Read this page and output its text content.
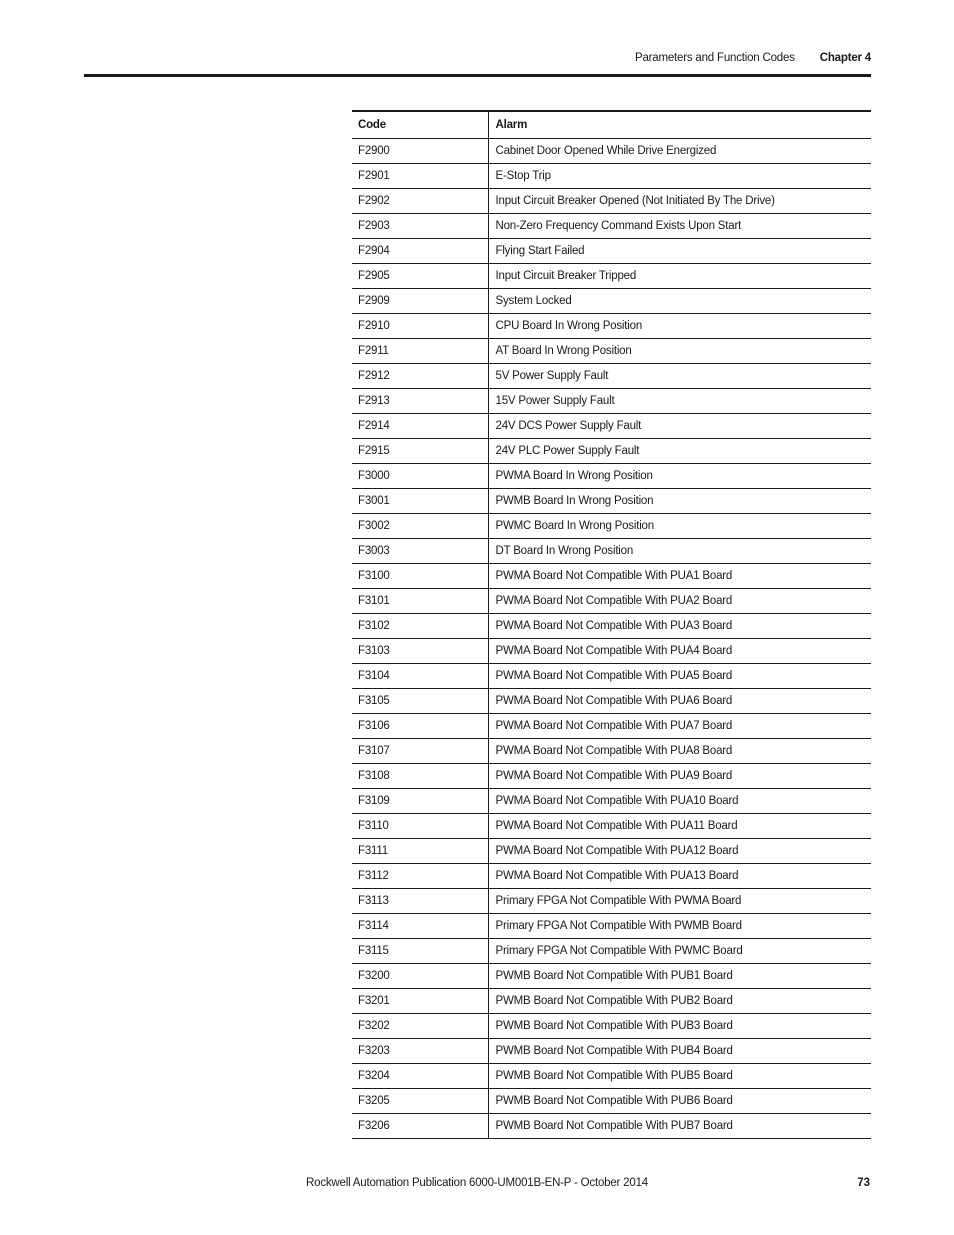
Parameters and Function Codes Chapter 4
Code	Alarm
F2900	Cabinet Door Opened While Drive Energized
F2901	E-Stop Trip
F2902	Input Circuit Breaker Opened (Not Initiated By The Drive)
F2903	Non-Zero Frequency Command Exists Upon Start
F2904	Flying Start Failed
F2905	Input Circuit Breaker Tripped
F2909	System Locked
F2910	CPU Board In Wrong Position
F2911	AT Board In Wrong Position
F2912	5V Power Supply Fault
F2913	15V Power Supply Fault
F2914	24V DCS Power Supply Fault
F2915	24V PLC Power Supply Fault
F3000	PWMA Board In Wrong Position
F3001	PWMB Board In Wrong Position
F3002	PWMC Board In Wrong Position
F3003	DT Board In Wrong Position
F3100	PWMA Board Not Compatible With PUA1 Board
F3101	PWMA Board Not Compatible With PUA2 Board
F3102	PWMA Board Not Compatible With PUA3 Board
F3103	PWMA Board Not Compatible With PUA4 Board
F3104	PWMA Board Not Compatible With PUA5 Board
F3105	PWMA Board Not Compatible With PUA6 Board
F3106	PWMA Board Not Compatible With PUA7 Board
F3107	PWMA Board Not Compatible With PUA8 Board
F3108	PWMA Board Not Compatible With PUA9 Board
F3109	PWMA Board Not Compatible With PUA10 Board
F3110	PWMA Board Not Compatible With PUA11 Board
F3111	PWMA Board Not Compatible With PUA12 Board
F3112	PWMA Board Not Compatible With PUA13 Board
F3113	Primary FPGA Not Compatible With PWMA Board
F3114	Primary FPGA Not Compatible With PWMB Board
F3115	Primary FPGA Not Compatible With PWMC Board
F3200	PWMB Board Not Compatible With PUB1 Board
F3201	PWMB Board Not Compatible With PUB2 Board
F3202	PWMB Board Not Compatible With PUB3 Board
F3203	PWMB Board Not Compatible With PUB4 Board
F3204	PWMB Board Not Compatible With PUB5 Board
F3205	PWMB Board Not Compatible With PUB6 Board
F3206	PWMB Board Not Compatible With PUB7 Board
Rockwell Automation Publication 6000-UM001B-EN-P - October 2014	73
